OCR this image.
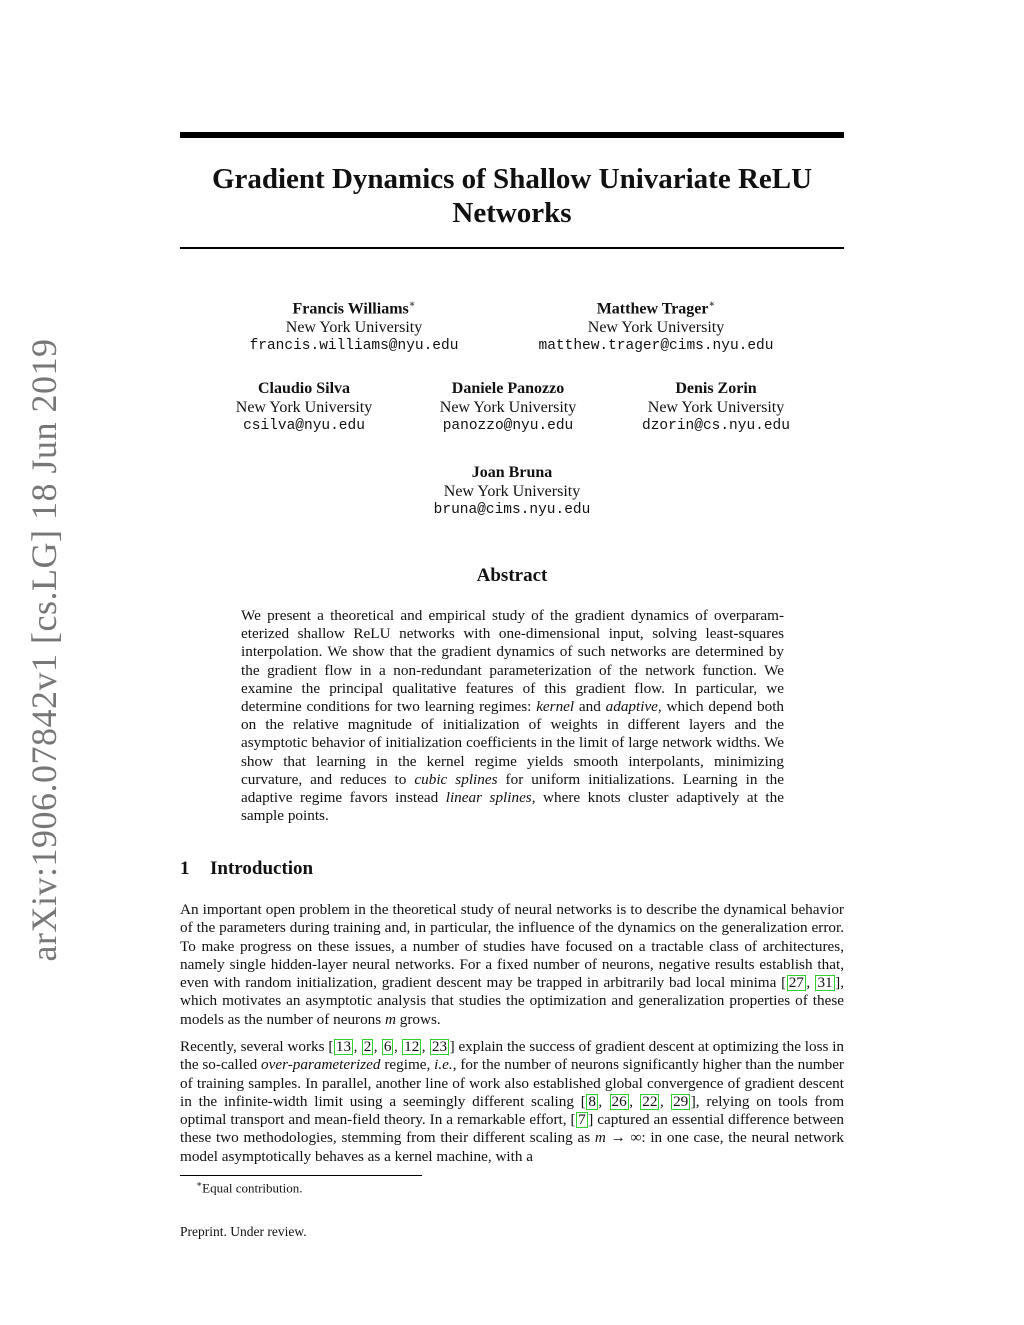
arXiv:1906.07842v1 [cs.LG] 18 Jun 2019
Gradient Dynamics of Shallow Univariate ReLU Networks
Francis Williams∗
New York University
francis.williams@nyu.edu
Matthew Trager∗
New York University
matthew.trager@cims.nyu.edu
Claudio Silva
New York University
csilva@nyu.edu
Daniele Panozzo
New York University
panozzo@nyu.edu
Denis Zorin
New York University
dzorin@cs.nyu.edu
Joan Bruna
New York University
bruna@cims.nyu.edu
Abstract
We present a theoretical and empirical study of the gradient dynamics of overparam-eterized shallow ReLU networks with one-dimensional input, solving least-squares interpolation. We show that the gradient dynamics of such networks are determined by the gradient flow in a non-redundant parameterization of the network function. We examine the principal qualitative features of this gradient flow. In particular, we determine conditions for two learning regimes: kernel and adaptive, which depend both on the relative magnitude of initialization of weights in different layers and the asymptotic behavior of initialization coefficients in the limit of large network widths. We show that learning in the kernel regime yields smooth interpolants, minimizing curvature, and reduces to cubic splines for uniform initializations. Learning in the adaptive regime favors instead linear splines, where knots cluster adaptively at the sample points.
1 Introduction
An important open problem in the theoretical study of neural networks is to describe the dynamical behavior of the parameters during training and, in particular, the influence of the dynamics on the generalization error. To make progress on these issues, a number of studies have focused on a tractable class of architectures, namely single hidden-layer neural networks. For a fixed number of neurons, negative results establish that, even with random initialization, gradient descent may be trapped in arbitrarily bad local minima [ 27 , 31 ], which motivates an asymptotic analysis that studies the optimization and generalization properties of these models as the number of neurons m grows.
Recently, several works [ 13 , 2 , 6 , 12 , 23 ] explain the success of gradient descent at optimizing the loss in the so-called over-parameterized regime, i.e., for the number of neurons significantly higher than the number of training samples. In parallel, another line of work also established global convergence of gradient descent in the infinite-width limit using a seemingly different scaling [ 8 , 26 , 22 , 29 ], relying on tools from optimal transport and mean-field theory. In a remarkable effort, [ 7 ] captured an essential difference between these two methodologies, stemming from their different scaling as m → ∞: in one case, the neural network model asymptotically behaves as a kernel machine, with a
∗Equal contribution.
Preprint. Under review.
